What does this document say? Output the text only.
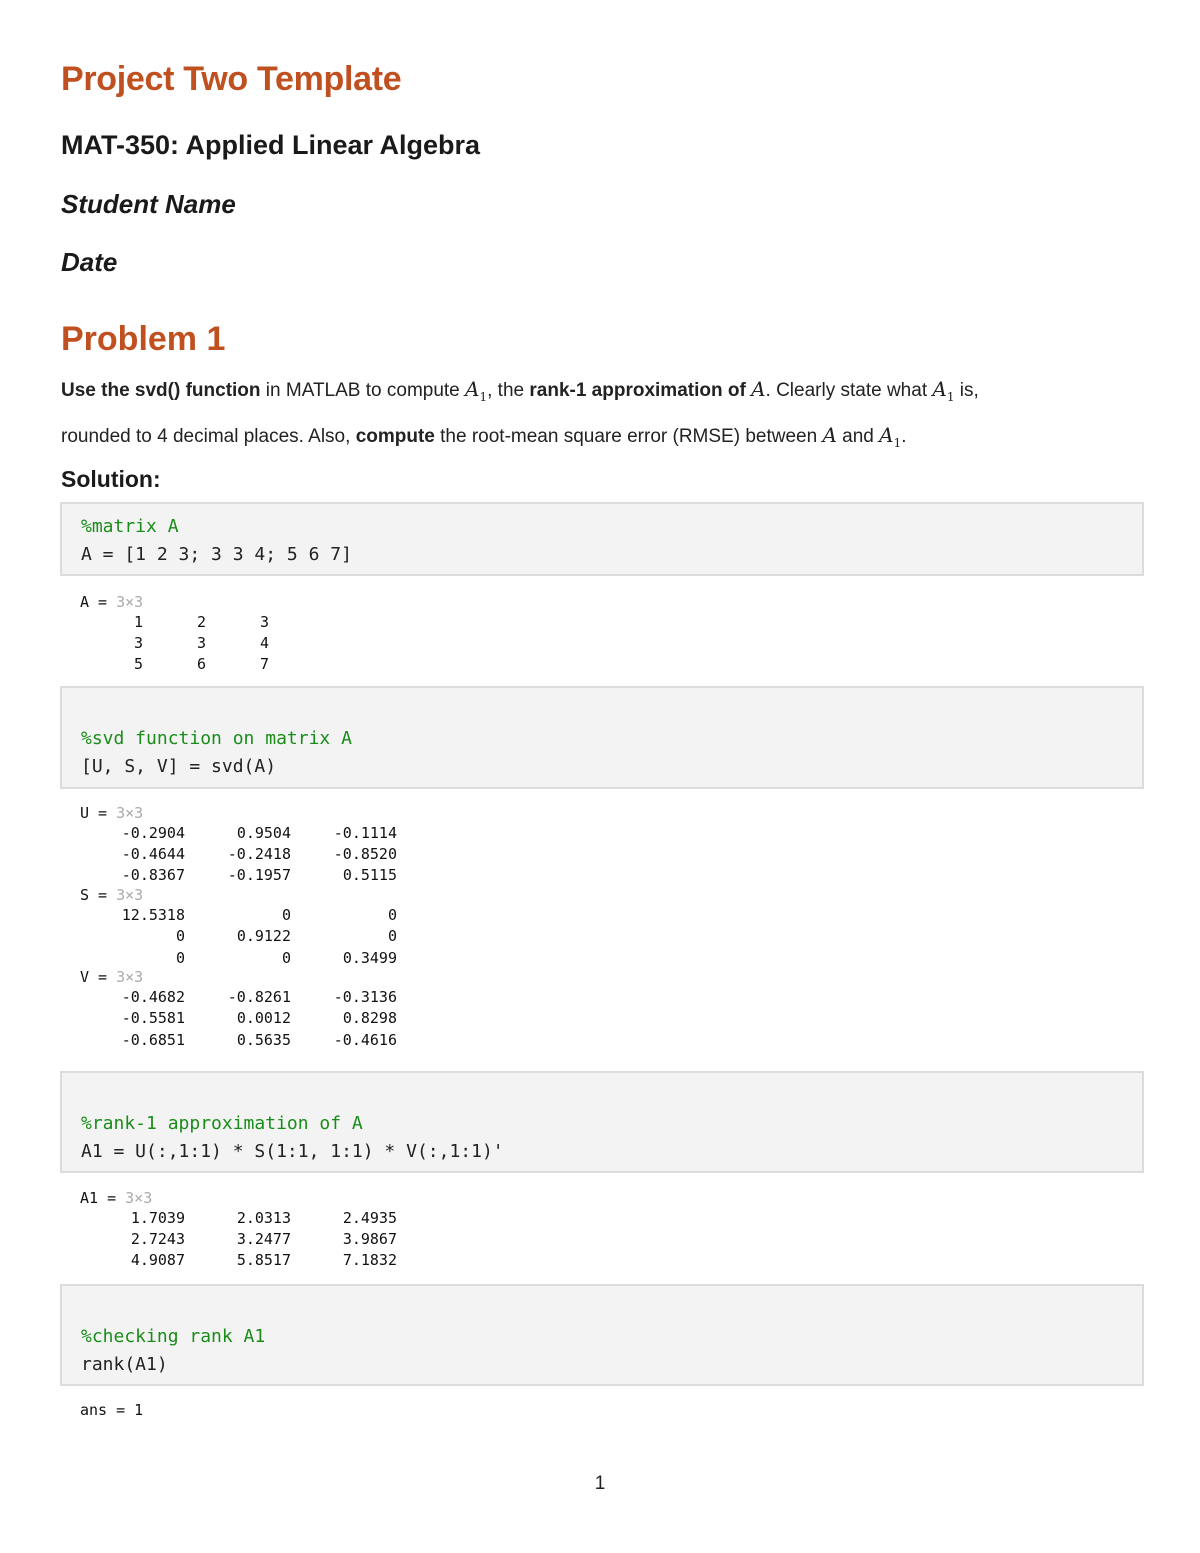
Project Two Template
MAT-350: Applied Linear Algebra
Student Name
Date
Problem 1

Use the svd() function in MATLAB to compute $A_1$, the rank-1 approximation of A. Clearly state what $A_1$ is,
rounded to 4 decimal places. Also, compute the root-mean square error (RMSE) between A and $A_1$.

Solution:
%matrix A
A = [1 2 3; 3 3 4; 5 6 7]
A = 3×3
1	2	3
3	3	4
5	6	7
%svd function on matrix A
[U, S, V] = svd(A)
U = 3×3
-0.2904	0.9504	-0.1114
-0.4644	-0.2418	-0.8520
-0.8367	-0.1957	0.5115
S = 3×3
12.5318	0	0
0	0.9122	0
0	0	0.3499
V = 3×3
-0.4682	-0.8261	-0.3136
-0.5581	0.0012	0.8298
-0.6851	0.5635	-0.4616
%rank-1 approximation of A
A1 = U(:,1:1) * S(1:1, 1:1) * V(:,1:1)'
A1 = 3×3
1.7039	2.0313	2.4935
2.7243	3.2477	3.9867
4.9087	5.8517	7.1832
%checking rank A1
rank(A1)
ans = 1
1
